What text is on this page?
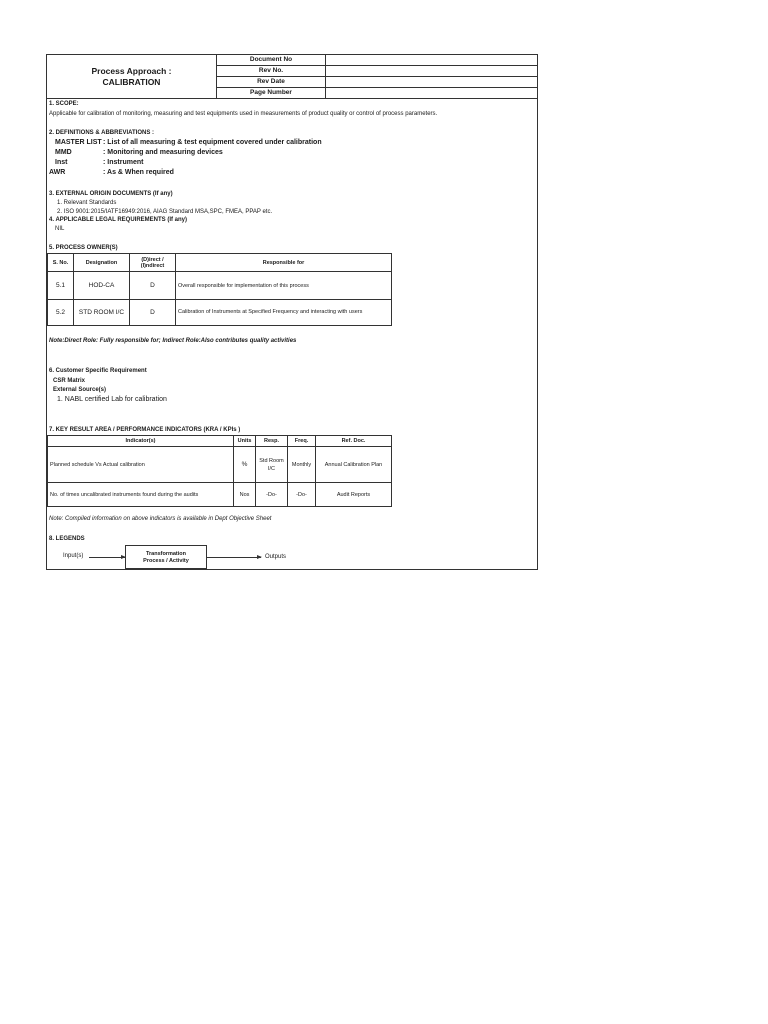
Process Approach :
CALIBRATION
Document No
Rev No.
Rev Date
Page Number
1. SCOPE:
Applicable for calibration of monitoring, measuring and test equipments used in measurements of product quality or control of process parameters.
2. DEFINITIONS & ABBREVIATIONS :
MASTER LIST : List of all measuring & test equipment covered under calibration
MMD	: Monitoring and measuring devices
Inst	: Instrument
AWR	: As & When required
3. EXTERNAL ORIGIN DOCUMENTS (If any)
1. Relevant Standards
2. ISO 9001:2015/IATF16949:2016, AIAG Standard MSA,SPC, FMEA, PPAP etc.
4. APPLICABLE LEGAL REQUIREMENTS (If any)
NIL
5. PROCESS OWNER(S)
S. No.	Designation	(D)irect / (I)ndirect	Responsible for
5.1	HOD-CA	D	Overall responsible for implementation of this process
5.2	STD ROOM I/C	D	Calibration of Instruments at Specified Frequency and interacting with users
Note:Direct Role: Fully responsible for; Indirect Role:Also contributes quality activities
6. Customer Specific Requirement
CSR Matrix
External Source(s)
1. NABL certified Lab for calibration
7. KEY RESULT AREA / PERFORMANCE INDICATORS (KRA / KPIs )
Indicator(s)	Units	Resp.	Freq.	Ref. Doc.
Planned schedule Vs Actual calibration	%	Std Room I/C	Monthly	Annual Calibration Plan
No. of times uncalibrated instruments found during the audits	Nos	-Do-	-Do-	Audit Reports
Note: Compiled information on above indicators is available in Dept Objective Sheet
8. LEGENDS
Input(s)	Transformation
Process / Activity
Outputs
